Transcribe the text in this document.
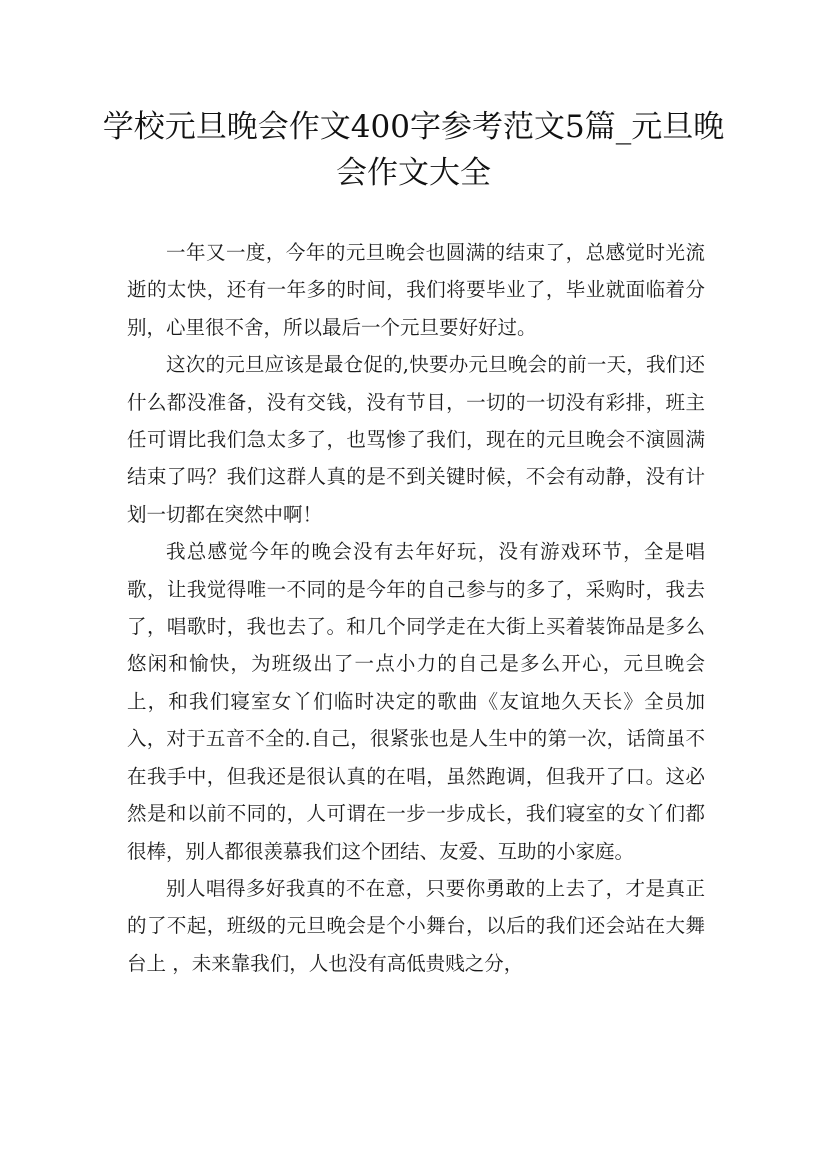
学校元旦晚会作文400字参考范文5篇_元旦晚会作文大全

一年又一度，今年的元旦晚会也圆满的结束了，总感觉时光流逝的太快，还有一年多的时间，我们将要毕业了，毕业就面临着分别，心里很不舍，所以最后一个元旦要好好过。

这次的元旦应该是最仓促的,快要办元旦晚会的前一天，我们还什么都没准备，没有交钱，没有节目，一切的一切没有彩排，班主任可谓比我们急太多了，也骂惨了我们，现在的元旦晚会不演圆满结束了吗？我们这群人真的是不到关键时候，不会有动静，没有计划一切都在突然中啊！

我总感觉今年的晚会没有去年好玩，没有游戏环节，全是唱歌，让我觉得唯一不同的是今年的自己参与的多了，采购时，我去了，唱歌时，我也去了。和几个同学走在大街上买着装饰品是多么悠闲和愉快，为班级出了一点小力的自己是多么开心，元旦晚会上，和我们寝室女丫们临时决定的歌曲《友谊地久天长》全员加入，对于五音不全的.自己，很紧张也是人生中的第一次，话筒虽不在我手中，但我还是很认真的在唱，虽然跑调，但我开了口。这必然是和以前不同的，人可谓在一步一步成长，我们寝室的女丫们都很棒，别人都很羡慕我们这个团结、友爱、互助的小家庭。

别人唱得多好我真的不在意，只要你勇敢的上去了，才是真正的了不起，班级的元旦晚会是个小舞台，以后的我们还会站在大舞台上 ，未来靠我们，人也没有高低贵贱之分，
